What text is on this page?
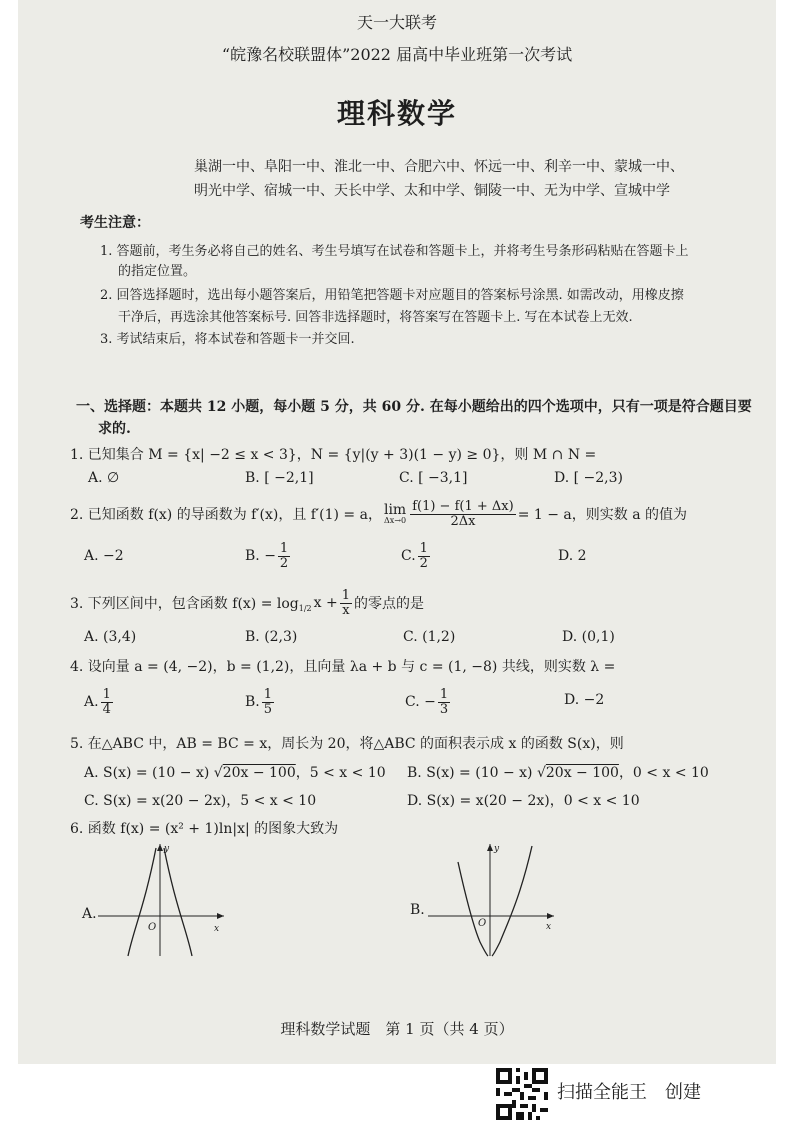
天一大联考
“皖豫名校联盟体”2022 届高中毕业班第一次考试
理科数学
巢湖一中、阜阳一中、淮北一中、合肥六中、怀远一中、利辛一中、蒙城一中、
明光中学、宿城一中、天长中学、太和中学、铜陵一中、无为中学、宣城中学
考生注意：
1. 答题前，考生务必将自己的姓名、考生号填写在试卷和答题卡上，并将考生号条形码粘贴在答题卡上
的指定位置。
2. 回答选择题时，选出每小题答案后，用铅笔把答题卡对应题目的答案标号涂黑. 如需改动，用橡皮擦
干净后，再选涂其他答案标号. 回答非选择题时，将答案写在答题卡上. 写在本试卷上无效.
3. 考试结束后，将本试卷和答题卡一并交回.
一、选择题：本题共 12 小题，每小题 5 分，共 60 分. 在每小题给出的四个选项中，只有一项是符合题目要
求的.
1. 已知集合 M = {x| −2 ≤ x < 3}，N = {y|(y + 3)(1 − y) ≥ 0}，则 M ∩ N =
A. ∅	B. [ −2,1]	C. [ −3,1]	D. [ −2,3)
2. 已知函数 f(x) 的导函数为 f′(x)，且 f′(1) = a， lim
$\Delta x\to 0 \frac{f(1) - f(1 + \Delta x)}{2\Delta x} = 1 - a$，则实数 a 的值为
A. −2	B. − $\frac{1}{2}$	C. $\frac{1}{2}$	D. 2
3. 下列区间中，包含函数 f(x) = log 1/2 $x + \frac{1}{x}$ 的零点的是
A. (3,4)	B. (2,3)	C. (1,2)	D. (0,1)
4. 设向量 a = (4, −2)，b = (1,2)，且向量 λa + b 与 c = (1, −8) 共线，则实数 λ =
A. $\frac{1}{4}$	B. $\frac{1}{5}$	C. − $\frac{1}{3}$	D. −2
5. 在△ABC 中，AB = BC = x，周长为 20，将△ABC 的面积表示成 x 的函数 S(x)，则
A. S(x) = (10 − x) √20x − 100，5 < x < 10 B. S(x) = (10 − x) √20x − 100，0 < x < 10
C. S(x) = x(20 − 2x)，5 < x < 10	D. S(x) = x(20 − 2x)，0 < x < 10
6. 函数 f(x) = (x² + 1)ln|x| 的图象大致为
A.
x
y
O
B.
x
y
O
理科数学试题　第 1 页（共 4 页）
扫描全能王　创建
